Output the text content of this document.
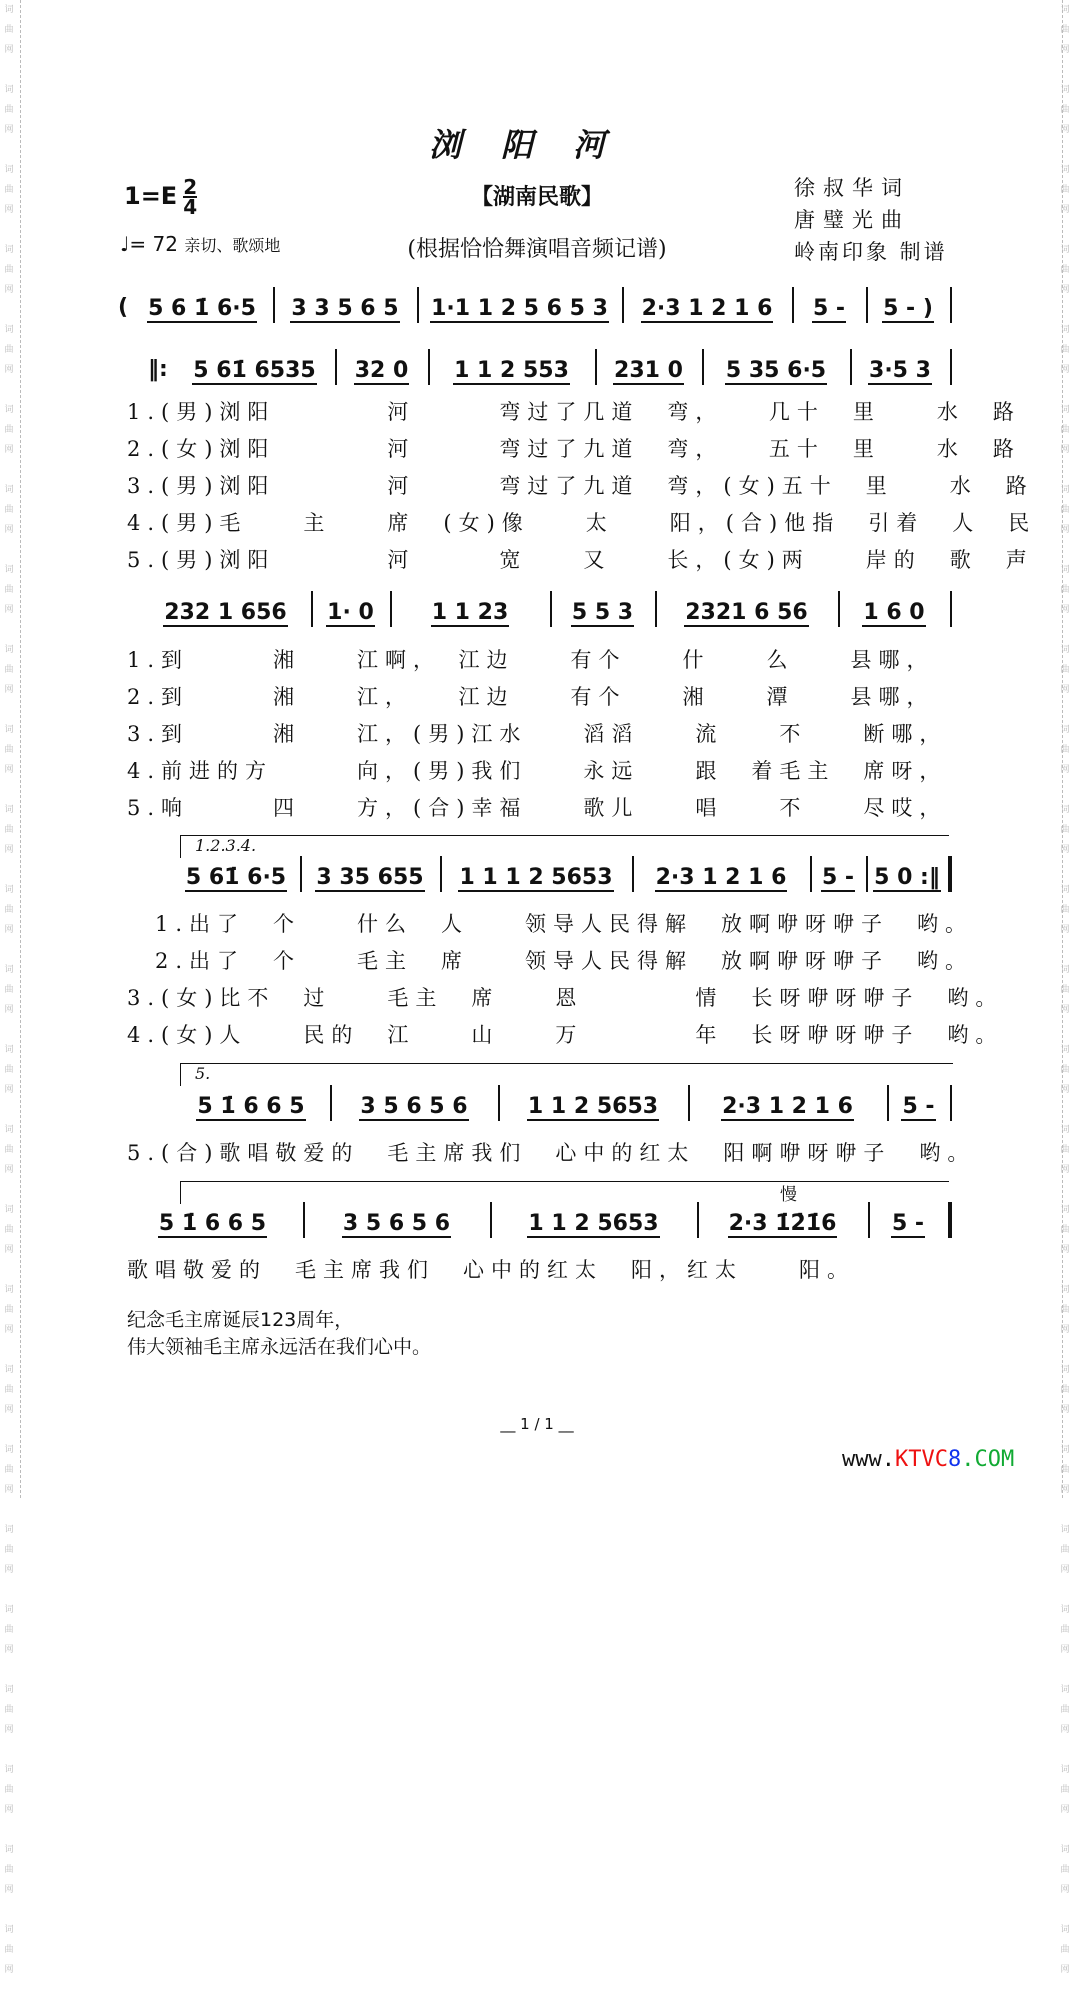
词
曲
网

词
曲
网

词
曲
网

词
曲
网

词
曲
网

词
曲
网

词
曲
网

词
曲
网

词
曲
网

词
曲
网

词
曲
网

词
曲
网

词
曲
网

词
曲
网

词
曲
网

词
曲
网

词
曲
网

词
曲
网

词
曲
网

词
曲
网

词
曲
网

词
曲
网

词
曲
网

词
曲
网

词
曲
网

词
曲
网

词
曲
网

词
曲
网

词
曲
网

词
曲
网

词
曲
网

词
曲
网

词
曲
网

词
曲
网

词
曲
网

词
曲
网

词
曲
网

词
曲
网

词
曲
网

词
曲
网

词
曲
网

词
曲
网

词
曲
网

词
曲
网

词
曲
网

词
曲
网

词
曲
网

词
曲
网

词
曲
网

词
曲
网

浏阳河
$1=E \frac{2}{4}$
♩= 72 亲切、歌颂地
【湖南民歌】
(根据恰恰舞演唱音频记谱)
徐叔华词
唐璧光曲
岭南印象 制谱
( 5 6 1̇ 6·5 3 3 5 6 5 1·1 1 2 5 6 5 3 2·3 1 2 1 6 5 - 5 - )
‖: 5 61̇ 6535 32 0 1 1 2 553 231 0 5 35 6·5 3·5 3
1.(男)浏阳　　　　河　　　弯过了几道　弯，　　几十　里　　水　路
2.(女)浏阳　　　　河　　　弯过了九道　弯，　　五十　里　　水　路
3.(男)浏阳　　　　河　　　弯过了九道　弯，(女)五十　里　　水　路
4.(男)毛　　主　　席　(女)像　　太　　阳，(合)他指　引着　人　民
5.(男)浏阳　　　　河　　　宽　　又　　长，(女)两　　岸的　歌　声
232 1 656 1· 0	1 1 23	5 5 3 2321 6 56	1 6 0
1.到　　　湘　　江啊，　江边　　有个　　什　　么　　县哪，
2.到　　　湘　　江，　　江边　　有个　　湘　　潭　　县哪，
3.到　　　湘　　江，(男)江水　　滔滔　　流　　不　　断哪，
4.前进的方　　　向，(男)我们　　永远　　跟　着毛主　席呀，
5.响　　　四　　方，(合)幸福　　歌儿　　唱　　不　　尽哎，
5 61̇ 6·5 3 35 655 1 1 1 2 5653 2·3 1 2 1 6 5 - 5 0 :‖
1.2.3.4.
　1.出了　个　　什么　人　　领导人民得解　放啊咿呀咿子　哟。
　2.出了　个　　毛主　席　　领导人民得解　放啊咿呀咿子　哟。
3.(女)比不　过　　毛主　席　　恩　　　　情　长呀咿呀咿子　哟。
4.(女)人　　民的　江　　山　　万　　　　年　长呀咿呀咿子　哟。
5 1̇ 6 6 5	3 5 6 5 6	1 1 2 5653	2·3 1 2 1 6 5 -
5.
5.(合)歌唱敬爱的　毛主席我们　心中的红太　阳啊咿呀咿子　哟。
5 1̇ 6 6 5	3 5 6 5 6	1 1 2 5653	2·3 1̇2̇1̇6	5 -
慢
歌唱敬爱的　毛主席我们　心中的红太　阳，红太　　阳。
纪念毛主席诞辰123周年，
伟大领袖毛主席永远活在我们心中。
__ 1 / 1 __
www.KTVC8.COM
